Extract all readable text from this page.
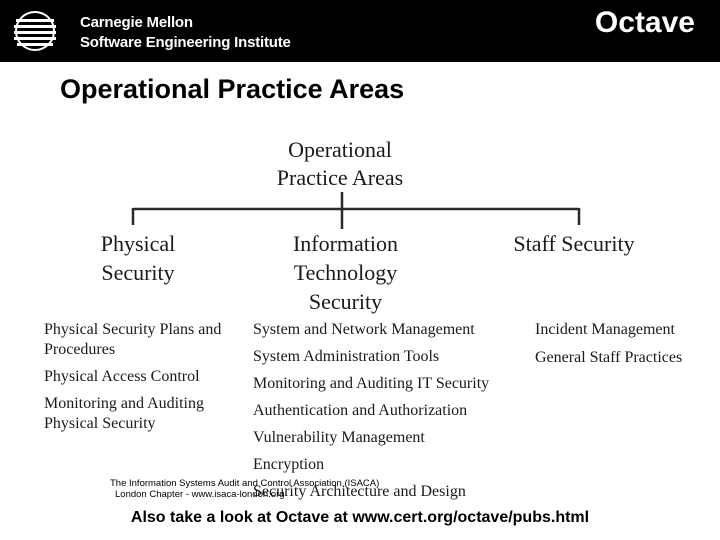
Carnegie Mellon
Software Engineering Institute
Octave
Operational Practice Areas
Operational
Practice Areas
Physical
Security
Information
Technology
Security
Staff Security
Physical Security Plans and Procedures
Physical Access Control
Monitoring and Auditing Physical Security
System and Network Management
System Administration Tools
Monitoring and Auditing IT Security
Authentication and Authorization
Vulnerability Management
Encryption
Security Architecture and Design
Incident Management
General Staff Practices
The Information Systems Audit and Control Association (ISACA)
London Chapter - www.isaca-london.org
Also take a look at Octave at www.cert.org/octave/pubs.html
